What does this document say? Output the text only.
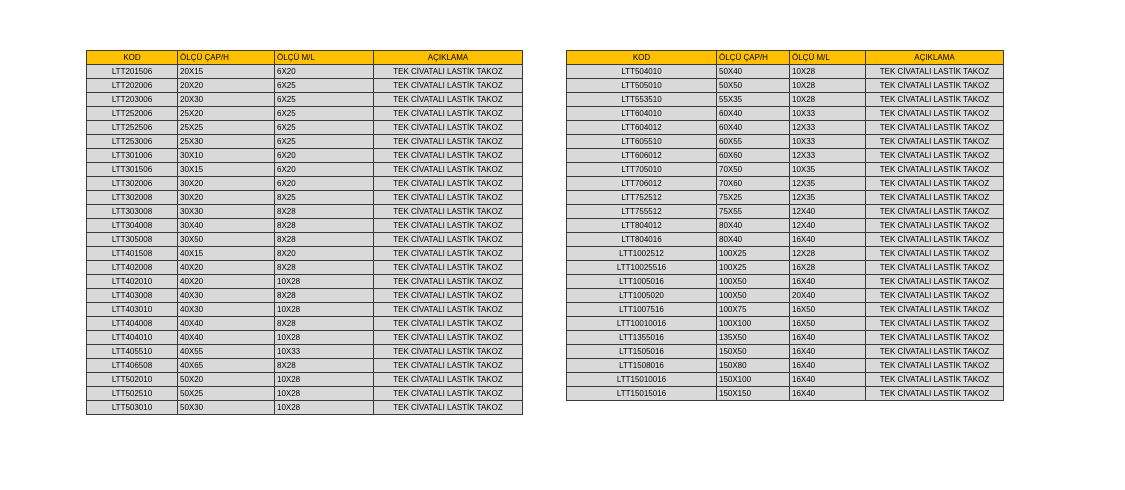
KOD	ÖLÇÜ ÇAP/H	ÖLÇÜ M/L	AÇIKLAMA
LTT201506	20X15	6X20	TEK CİVATALI LASTİK TAKOZ
LTT202006	20X20	6X25	TEK CİVATALI LASTİK TAKOZ
LTT203006	20X30	6X25	TEK CİVATALI LASTİK TAKOZ
LTT252006	25X20	6X25	TEK CİVATALI LASTİK TAKOZ
LTT252506	25X25	6X25	TEK CİVATALI LASTİK TAKOZ
LTT253006	25X30	6X25	TEK CİVATALI LASTİK TAKOZ
LTT301006	30X10	6X20	TEK CİVATALI LASTİK TAKOZ
LTT301506	30X15	6X20	TEK CİVATALI LASTİK TAKOZ
LTT302006	30X20	6X20	TEK CİVATALI LASTİK TAKOZ
LTT302008	30X20	8X25	TEK CİVATALI LASTİK TAKOZ
LTT303008	30X30	8X28	TEK CİVATALI LASTİK TAKOZ
LTT304008	30X40	8X28	TEK CİVATALI LASTİK TAKOZ
LTT305008	30X50	8X28	TEK CİVATALI LASTİK TAKOZ
LTT401508	40X15	8X20	TEK CİVATALI LASTİK TAKOZ
LTT402008	40X20	8X28	TEK CİVATALI LASTİK TAKOZ
LTT402010	40X20	10X28	TEK CİVATALI LASTİK TAKOZ
LTT403008	40X30	8X28	TEK CİVATALI LASTİK TAKOZ
LTT403010	40X30	10X28	TEK CİVATALI LASTİK TAKOZ
LTT404008	40X40	8X28	TEK CİVATALI LASTİK TAKOZ
LTT404010	40X40	10X28	TEK CİVATALI LASTİK TAKOZ
LTT405510	40X55	10X33	TEK CİVATALI LASTİK TAKOZ
LTT406508	40X65	8X28	TEK CİVATALI LASTİK TAKOZ
LTT502010	50X20	10X28	TEK CİVATALI LASTİK TAKOZ
LTT502510	50X25	10X28	TEK CİVATALI LASTİK TAKOZ
LTT503010	50X30	10X28	TEK CİVATALI LASTİK TAKOZ
KOD	ÖLÇÜ ÇAP/H	ÖLÇÜ M/L	AÇIKLAMA
LTT504010	50X40	10X28	TEK CİVATALI LASTİK TAKOZ
LTT505010	50X50	10X28	TEK CİVATALI LASTİK TAKOZ
LTT553510	55X35	10X28	TEK CİVATALI LASTİK TAKOZ
LTT604010	60X40	10X33	TEK CİVATALI LASTİK TAKOZ
LTT604012	60X40	12X33	TEK CİVATALI LASTİK TAKOZ
LTT605510	60X55	10X33	TEK CİVATALI LASTİK TAKOZ
LTT606012	60X60	12X33	TEK CİVATALI LASTİK TAKOZ
LTT705010	70X50	10X35	TEK CİVATALI LASTİK TAKOZ
LTT706012	70X60	12X35	TEK CİVATALI LASTİK TAKOZ
LTT752512	75X25	12X35	TEK CİVATALI LASTİK TAKOZ
LTT755512	75X55	12X40	TEK CİVATALI LASTİK TAKOZ
LTT804012	80X40	12X40	TEK CİVATALI LASTİK TAKOZ
LTT804016	80X40	16X40	TEK CİVATALI LASTİK TAKOZ
LTT1002512	100X25	12X28	TEK CİVATALI LASTİK TAKOZ
LTT10025516	100X25	16X28	TEK CİVATALI LASTİK TAKOZ
LTT1005016	100X50	16X40	TEK CİVATALI LASTİK TAKOZ
LTT1005020	100X50	20X40	TEK CİVATALI LASTİK TAKOZ
LTT1007516	100X75	16X50	TEK CİVATALI LASTİK TAKOZ
LTT10010016	100X100	16X50	TEK CİVATALI LASTİK TAKOZ
LTT1355016	135X50	16X40	TEK CİVATALI LASTİK TAKOZ
LTT1505016	150X50	16X40	TEK CİVATALI LASTİK TAKOZ
LTT1508016	150X80	16X40	TEK CİVATALI LASTİK TAKOZ
LTT15010016	150X100	16X40	TEK CİVATALI LASTİK TAKOZ
LTT15015016	150X150	16X40	TEK CİVATALI LASTİK TAKOZ
